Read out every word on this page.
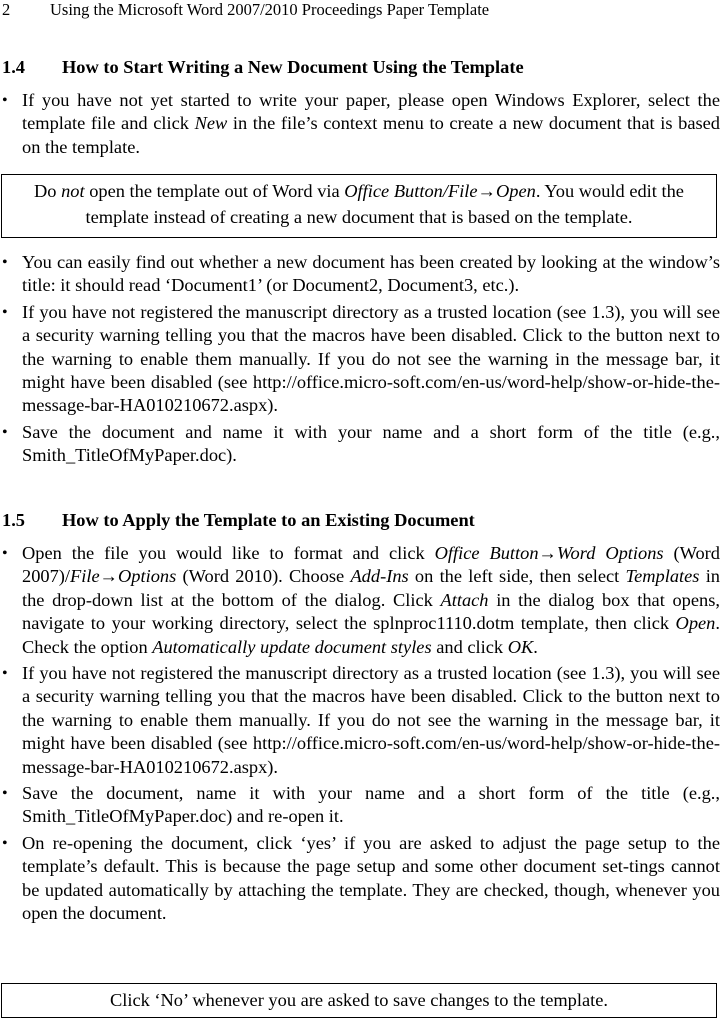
2 Using the Microsoft Word 2007/2010 Proceedings Paper Template
1.4 How to Start Writing a New Document Using the Template
• If you have not yet started to write your paper, please open Windows Explorer, select the template file and click New in the file’s context menu to create a new document that is based on the template.
Do not open the template out of Word via Office Button/File→Open. You would edit the template instead of creating a new document that is based on the template.
• You can easily find out whether a new document has been created by looking at the window’s title: it should read ‘Document1’ (or Document2, Document3, etc.).
• If you have not registered the manuscript directory as a trusted location (see 1.3), you will see a security warning telling you that the macros have been disabled. Click to the button next to the warning to enable them manually. If you do not see the warning in the message bar, it might have been disabled (see http://office.micro-soft.com/en-us/word-help/show-or-hide-the-message-bar-HA010210672.aspx).
• Save the document and name it with your name and a short form of the title (e.g., Smith_TitleOfMyPaper.doc).
1.5 How to Apply the Template to an Existing Document
• Open the file you would like to format and click Office Button→Word Options (Word 2007)/File→Options (Word 2010). Choose Add-Ins on the left side, then select Templates in the drop-down list at the bottom of the dialog. Click Attach in the dialog box that opens, navigate to your working directory, select the splnproc1110.dotm template, then click Open. Check the option Automatically update document styles and click OK.
• If you have not registered the manuscript directory as a trusted location (see 1.3), you will see a security warning telling you that the macros have been disabled. Click to the button next to the warning to enable them manually. If you do not see the warning in the message bar, it might have been disabled (see http://office.micro-soft.com/en-us/word-help/show-or-hide-the-message-bar-HA010210672.aspx).
• Save the document, name it with your name and a short form of the title (e.g., Smith_TitleOfMyPaper.doc) and re-open it.
• On re-opening the document, click ‘yes’ if you are asked to adjust the page setup to the template’s default. This is because the page setup and some other document set-tings cannot be updated automatically by attaching the template. They are checked, though, whenever you open the document.
Click ‘No’ whenever you are asked to save changes to the template.
